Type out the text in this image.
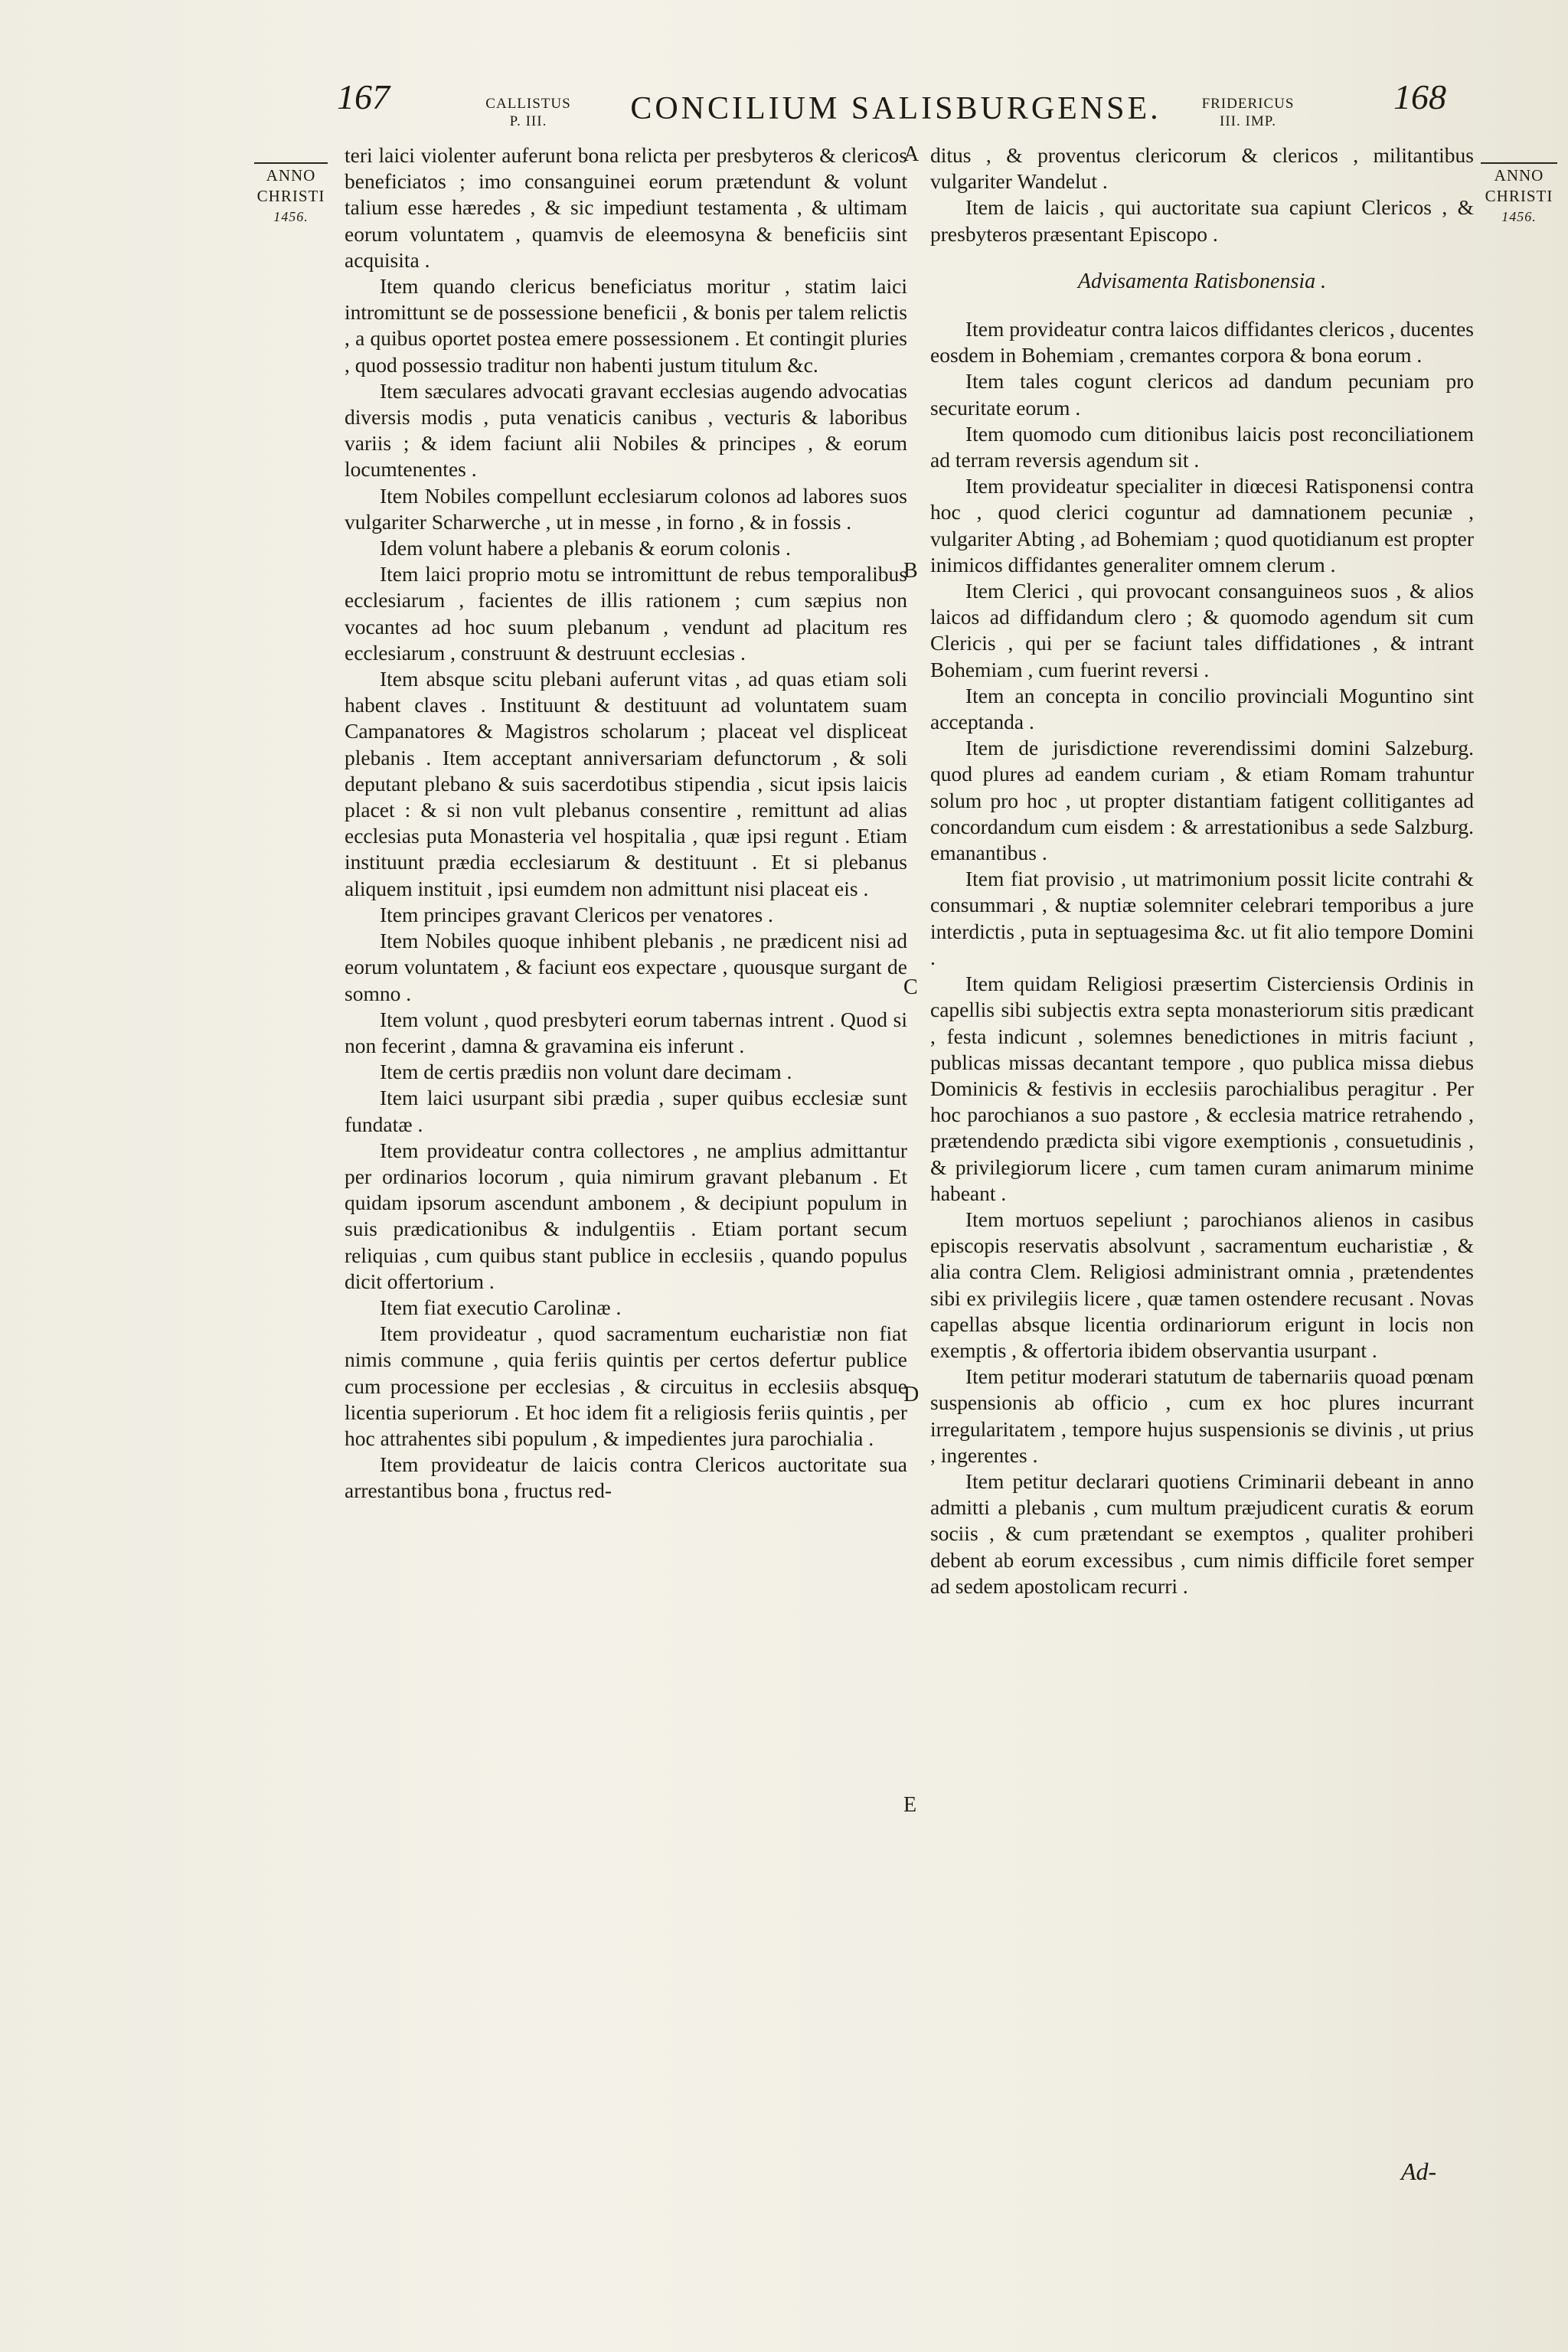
167	CALLISTUS
P. III.	CONCILIUM SALISBURGENSE.	FRIDERICUS
III. IMP.
168
ANNO
CHRISTI
1456.
ANNO
CHRISTI
1456.
A
B
C
D
E

teri laici violenter auferunt bona relicta per presbyteros & clericos beneficiatos ; imo consanguinei eorum prætendunt & volunt talium esse hæredes , & sic impediunt testamenta , & ultimam eorum voluntatem , quamvis de eleemosyna & beneficiis sint acquisita .

Item quando clericus beneficiatus moritur , statim laici intromittunt se de possessione beneficii , & bonis per talem relictis , a quibus oportet postea emere possessionem . Et contingit pluries , quod possessio traditur non habenti justum titulum &c.

Item sæculares advocati gravant ecclesias augendo advocatias diversis modis , puta venaticis canibus , vecturis & laboribus variis ; & idem faciunt alii Nobiles & principes , & eorum locumtenentes .

Item Nobiles compellunt ecclesiarum colonos ad labores suos vulgariter Scharwerche , ut in messe , in forno , & in fossis .

Idem volunt habere a plebanis & eorum colonis .

Item laici proprio motu se intromittunt de rebus temporalibus ecclesiarum , facientes de illis rationem ; cum sæpius non vocantes ad hoc suum plebanum , vendunt ad placitum res ecclesiarum , construunt & destruunt ecclesias .

Item absque scitu plebani auferunt vitas , ad quas etiam soli habent claves . Instituunt & destituunt ad voluntatem suam Campanatores & Magistros scholarum ; placeat vel displiceat plebanis . Item acceptant anniversariam defunctorum , & soli deputant plebano & suis sacerdotibus stipendia , sicut ipsis laicis placet : & si non vult plebanus consentire , remittunt ad alias ecclesias puta Monasteria vel hospitalia , quæ ipsi regunt . Etiam instituunt prædia ecclesiarum & destituunt . Et si plebanus aliquem instituit , ipsi eumdem non admittunt nisi placeat eis .

Item principes gravant Clericos per venatores .

Item Nobiles quoque inhibent plebanis , ne prædicent nisi ad eorum voluntatem , & faciunt eos expectare , quousque surgant de somno .

Item volunt , quod presbyteri eorum tabernas intrent . Quod si non fecerint , damna & gravamina eis inferunt .

Item de certis prædiis non volunt dare decimam .

Item laici usurpant sibi prædia , super quibus ecclesiæ sunt fundatæ .

Item provideatur contra collectores , ne amplius admittantur per ordinarios locorum , quia nimirum gravant plebanum . Et quidam ipsorum ascendunt ambonem , & decipiunt populum in suis prædicationibus & indulgentiis . Etiam portant secum reliquias , cum quibus stant publice in ecclesiis , quando populus dicit offertorium .

Item fiat executio Carolinæ .

Item provideatur , quod sacramentum eucharistiæ non fiat nimis commune , quia feriis quintis per certos defertur publice cum processione per ecclesias , & circuitus in ecclesiis absque licentia superiorum . Et hoc idem fit a religiosis feriis quintis , per hoc attrahentes sibi populum , & impedientes jura parochialia .

Item provideatur de laicis contra Clericos auctoritate sua arrestantibus bona , fructus red-

ditus , & proventus clericorum & clericos , militantibus vulgariter Wandelut .

Item de laicis , qui auctoritate sua capiunt Clericos , & presbyteros præsentant Episcopo .

Advisamenta Ratisbonensia .

Item provideatur contra laicos diffidantes clericos , ducentes eosdem in Bohemiam , cremantes corpora & bona eorum .

Item tales cogunt clericos ad dandum pecuniam pro securitate eorum .

Item quomodo cum ditionibus laicis post reconciliationem ad terram reversis agendum sit .

Item provideatur specialiter in diœcesi Ratisponensi contra hoc , quod clerici coguntur ad damnationem pecuniæ , vulgariter Abting , ad Bohemiam ; quod quotidianum est propter inimicos diffidantes generaliter omnem clerum .

Item Clerici , qui provocant consanguineos suos , & alios laicos ad diffidandum clero ; & quomodo agendum sit cum Clericis , qui per se faciunt tales diffidationes , & intrant Bohemiam , cum fuerint reversi .

Item an concepta in concilio provinciali Moguntino sint acceptanda .

Item de jurisdictione reverendissimi domini Salzeburg. quod plures ad eandem curiam , & etiam Romam trahuntur solum pro hoc , ut propter distantiam fatigent collitigantes ad concordandum cum eisdem : & arrestationibus a sede Salzburg. emanantibus .

Item fiat provisio , ut matrimonium possit licite contrahi & consummari , & nuptiæ solemniter celebrari temporibus a jure interdictis , puta in septuagesima &c. ut fit alio tempore Domini .

Item quidam Religiosi præsertim Cisterciensis Ordinis in capellis sibi subjectis extra septa monasteriorum sitis prædicant , festa indicunt , solemnes benedictiones in mitris faciunt , publicas missas decantant tempore , quo publica missa diebus Dominicis & festivis in ecclesiis parochialibus peragitur . Per hoc parochianos a suo pastore , & ecclesia matrice retrahendo , prætendendo prædicta sibi vigore exemptionis , consuetudinis , & privilegiorum licere , cum tamen curam animarum minime habeant .

Item mortuos sepeliunt ; parochianos alienos in casibus episcopis reservatis absolvunt , sacramentum eucharistiæ , & alia contra Clem. Religiosi administrant omnia , prætendentes sibi ex privilegiis licere , quæ tamen ostendere recusant . Novas capellas absque licentia ordinariorum erigunt in locis non exemptis , & offertoria ibidem observantia usurpant .

Item petitur moderari statutum de tabernariis quoad pœnam suspensionis ab officio , cum ex hoc plures incurrant irregularitatem , tempore hujus suspensionis se divinis , ut prius , ingerentes .

Item petitur declarari quotiens Criminarii debeant in anno admitti a plebanis , cum multum præjudicent curatis & eorum sociis , & cum prætendant se exemptos , qualiter prohiberi debent ab eorum excessibus , cum nimis difficile foret semper ad sedem apostolicam recurri .

Ad-
